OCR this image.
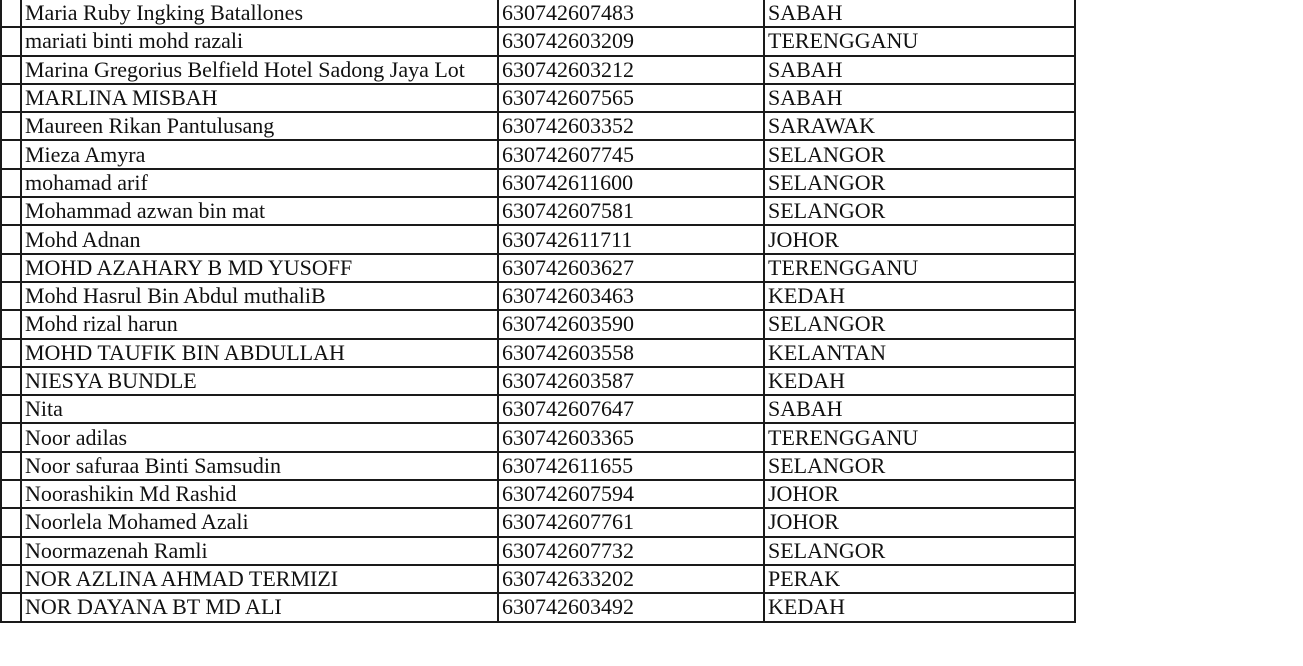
	Maria Ruby Ingking Batallones	630742607483	SABAH
	mariati binti mohd razali	630742603209	TERENGGANU
	Marina Gregorius Belfield Hotel Sadong Jaya Lot	630742603212	SABAH
	MARLINA MISBAH	630742607565	SABAH
	Maureen Rikan Pantulusang	630742603352	SARAWAK
	Mieza Amyra	630742607745	SELANGOR
	mohamad arif	630742611600	SELANGOR
	Mohammad azwan bin mat	630742607581	SELANGOR
	Mohd Adnan	630742611711	JOHOR
	MOHD AZAHARY B MD YUSOFF	630742603627	TERENGGANU
	Mohd Hasrul Bin Abdul muthaliB	630742603463	KEDAH
	Mohd rizal harun	630742603590	SELANGOR
	MOHD TAUFIK BIN ABDULLAH	630742603558	KELANTAN
	NIESYA BUNDLE	630742603587	KEDAH
	Nita	630742607647	SABAH
	Noor adilas	630742603365	TERENGGANU
	Noor safuraa Binti Samsudin	630742611655	SELANGOR
	Noorashikin Md Rashid	630742607594	JOHOR
	Noorlela Mohamed Azali	630742607761	JOHOR
	Noormazenah Ramli	630742607732	SELANGOR
	NOR AZLINA AHMAD TERMIZI	630742633202	PERAK
	NOR DAYANA BT MD ALI	630742603492	KEDAH
